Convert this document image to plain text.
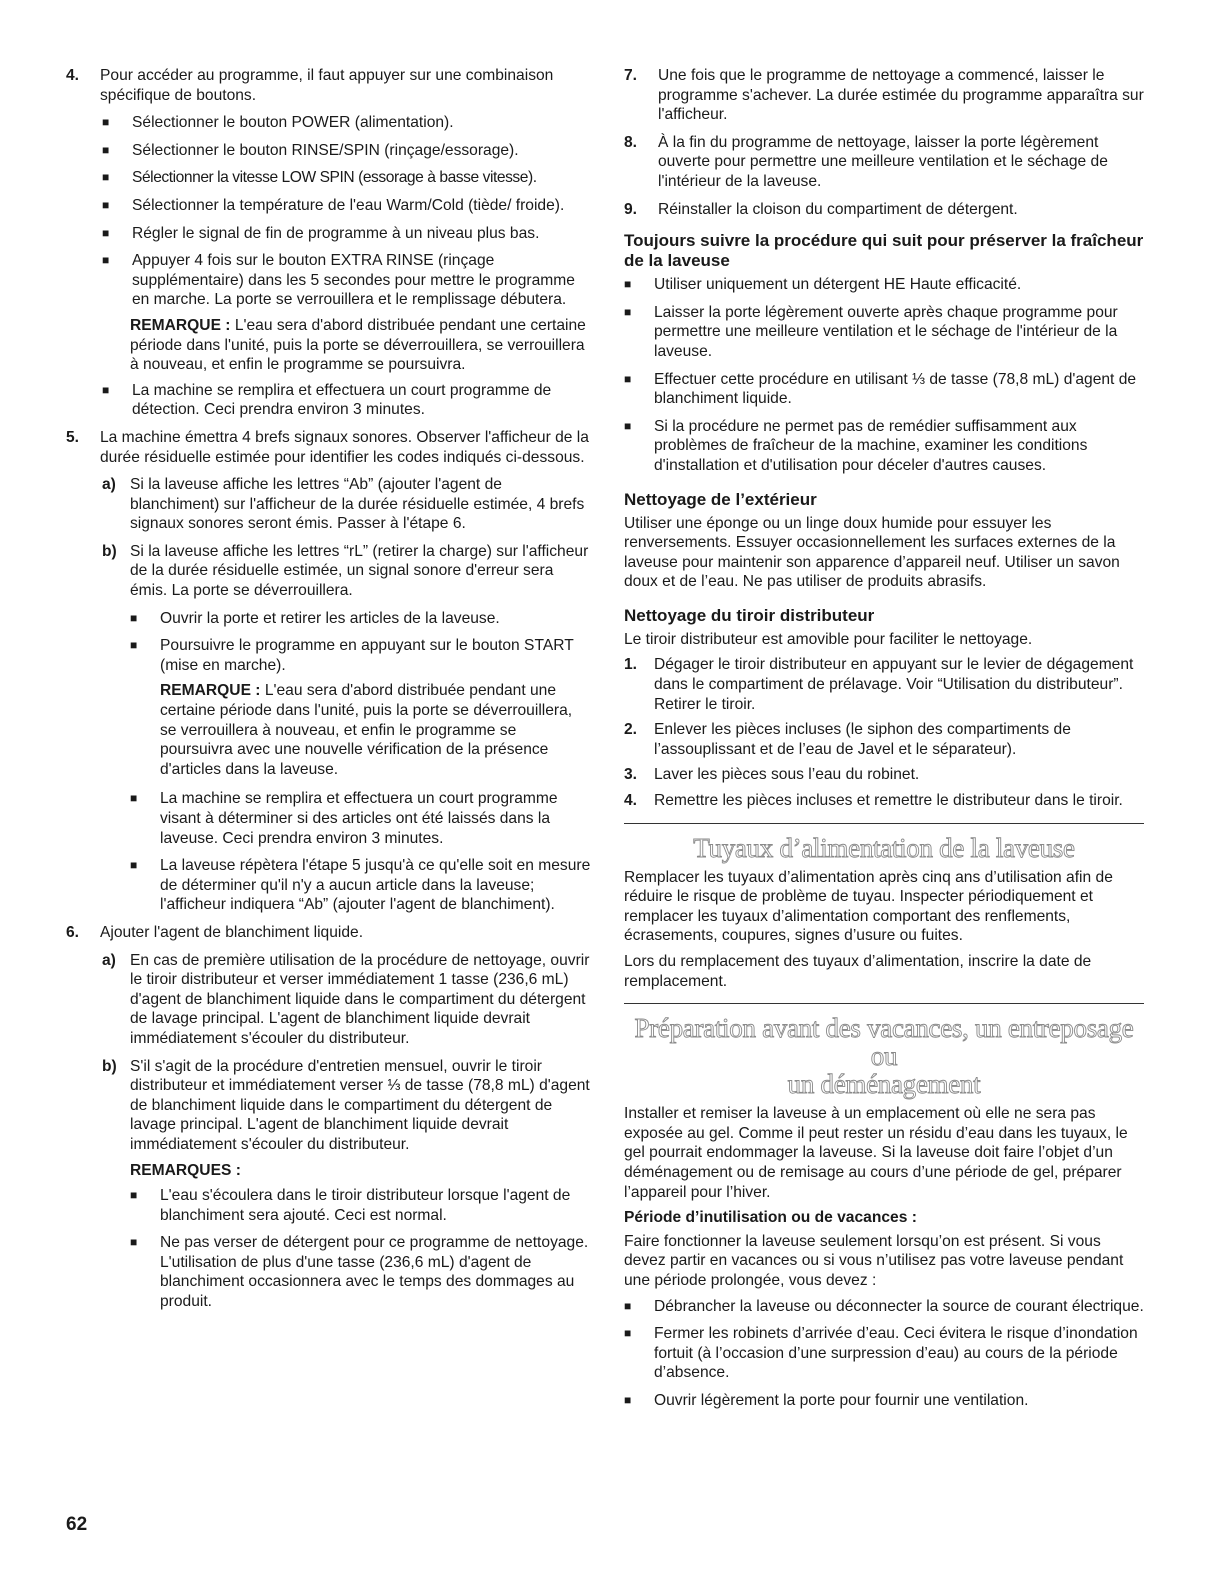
4.	Pour accéder au programme, il faut appuyer sur une combinaison spécifique de boutons.
■	Sélectionner le bouton POWER (alimentation).
■	Sélectionner le bouton RINSE/SPIN (rinçage/essorage).
■	Sélectionner la vitesse LOW SPIN (essorage à basse vitesse).
■	Sélectionner la température de l'eau Warm/Cold (tiède/ froide).
■	Régler le signal de fin de programme à un niveau plus bas.
■	Appuyer 4 fois sur le bouton EXTRA RINSE (rinçage supplémentaire) dans les 5 secondes pour mettre le programme en marche. La porte se verrouillera et le remplissage débutera.
REMARQUE : L'eau sera d'abord distribuée pendant une certaine période dans l'unité, puis la porte se déverrouillera, se verrouillera à nouveau, et enfin le programme se poursuivra.
■	La machine se remplira et effectuera un court programme de détection. Ceci prendra environ 3 minutes.
5.	La machine émettra 4 brefs signaux sonores. Observer l'afficheur de la durée résiduelle estimée pour identifier les codes indiqués ci-dessous.
a) Si la laveuse affiche les lettres “Ab” (ajouter l'agent de blanchiment) sur l'afficheur de la durée résiduelle estimée, 4 brefs signaux sonores seront émis. Passer à l'étape 6.
b) Si la laveuse affiche les lettres “rL” (retirer la charge) sur l'afficheur de la durée résiduelle estimée, un signal sonore d'erreur sera émis. La porte se déverrouillera.
■	Ouvrir la porte et retirer les articles de la laveuse.
■	Poursuivre le programme en appuyant sur le bouton START (mise en marche).
REMARQUE : L'eau sera d'abord distribuée pendant une certaine période dans l'unité, puis la porte se déverrouillera, se verrouillera à nouveau, et enfin le programme se poursuivra avec une nouvelle vérification de la présence d'articles dans la laveuse.
■	La machine se remplira et effectuera un court programme visant à déterminer si des articles ont été laissés dans la laveuse. Ceci prendra environ 3 minutes.
■	La laveuse répètera l'étape 5 jusqu'à ce qu'elle soit en mesure de déterminer qu'il n'y a aucun article dans la laveuse; l'afficheur indiquera “Ab” (ajouter l'agent de blanchiment).
6.	Ajouter l'agent de blanchiment liquide.
a) En cas de première utilisation de la procédure de nettoyage, ouvrir le tiroir distributeur et verser immédiatement 1 tasse (236,6 mL) d'agent de blanchiment liquide dans le compartiment du détergent de lavage principal. L'agent de blanchiment liquide devrait immédiatement s'écouler du distributeur.
b) S'il s'agit de la procédure d'entretien mensuel, ouvrir le tiroir distributeur et immédiatement verser ⅓ de tasse (78,8 mL) d'agent de blanchiment liquide dans le compartiment du détergent de lavage principal. L'agent de blanchiment liquide devrait immédiatement s'écouler du distributeur.
REMARQUES :
■	L'eau s'écoulera dans le tiroir distributeur lorsque l'agent de blanchiment sera ajouté. Ceci est normal.
■	Ne pas verser de détergent pour ce programme de nettoyage. L'utilisation de plus d'une tasse (236,6 mL) d'agent de blanchiment occasionnera avec le temps des dommages au produit.
7.	Une fois que le programme de nettoyage a commencé, laisser le programme s'achever. La durée estimée du programme apparaîtra sur l'afficheur.
8.	À la fin du programme de nettoyage, laisser la porte légèrement ouverte pour permettre une meilleure ventilation et le séchage de l'intérieur de la laveuse.
9.	Réinstaller la cloison du compartiment de détergent.
Toujours suivre la procédure qui suit pour préserver la fraîcheur de la laveuse
■	Utiliser uniquement un détergent HE Haute efficacité.
■	Laisser la porte légèrement ouverte après chaque programme pour permettre une meilleure ventilation et le séchage de l'intérieur de la laveuse.
■	Effectuer cette procédure en utilisant ⅓ de tasse (78,8 mL) d'agent de blanchiment liquide.
■	Si la procédure ne permet pas de remédier suffisamment aux problèmes de fraîcheur de la machine, examiner les conditions d'installation et d'utilisation pour déceler d'autres causes.
Nettoyage de l’extérieur

Utiliser une éponge ou un linge doux humide pour essuyer les renversements. Essuyer occasionnellement les surfaces externes de la laveuse pour maintenir son apparence d’appareil neuf. Utiliser un savon doux et de l’eau. Ne pas utiliser de produits abrasifs.

Nettoyage du tiroir distributeur

Le tiroir distributeur est amovible pour faciliter le nettoyage.

1.	Dégager le tiroir distributeur en appuyant sur le levier de dégagement dans le compartiment de prélavage. Voir “Utilisation du distributeur”. Retirer le tiroir.
2.	Enlever les pièces incluses (le siphon des compartiments de l’assouplissant et de l’eau de Javel et le séparateur).
3.	Laver les pièces sous l’eau du robinet.
4.	Remettre les pièces incluses et remettre le distributeur dans le tiroir.
Tuyaux d’alimentation de la laveuse

Remplacer les tuyaux d’alimentation après cinq ans d’utilisation afin de réduire le risque de problème de tuyau. Inspecter périodiquement et remplacer les tuyaux d’alimentation comportant des renflements, écrasements, coupures, signes d’usure ou fuites.

Lors du remplacement des tuyaux d’alimentation, inscrire la date de remplacement.

Préparation avant des vacances, un entreposage ou
un déménagement

Installer et remiser la laveuse à un emplacement où elle ne sera pas exposée au gel. Comme il peut rester un résidu d’eau dans les tuyaux, le gel pourrait endommager la laveuse. Si la laveuse doit faire l’objet d’un déménagement ou de remisage au cours d’une période de gel, préparer l’appareil pour l’hiver.

Période d’inutilisation ou de vacances :

Faire fonctionner la laveuse seulement lorsqu’on est présent. Si vous devez partir en vacances ou si vous n’utilisez pas votre laveuse pendant une période prolongée, vous devez :

■	Débrancher la laveuse ou déconnecter la source de courant électrique.
■	Fermer les robinets d’arrivée d’eau. Ceci évitera le risque d’inondation fortuit (à l’occasion d’une surpression d’eau) au cours de la période d’absence.
■	Ouvrir légèrement la porte pour fournir une ventilation.
62
